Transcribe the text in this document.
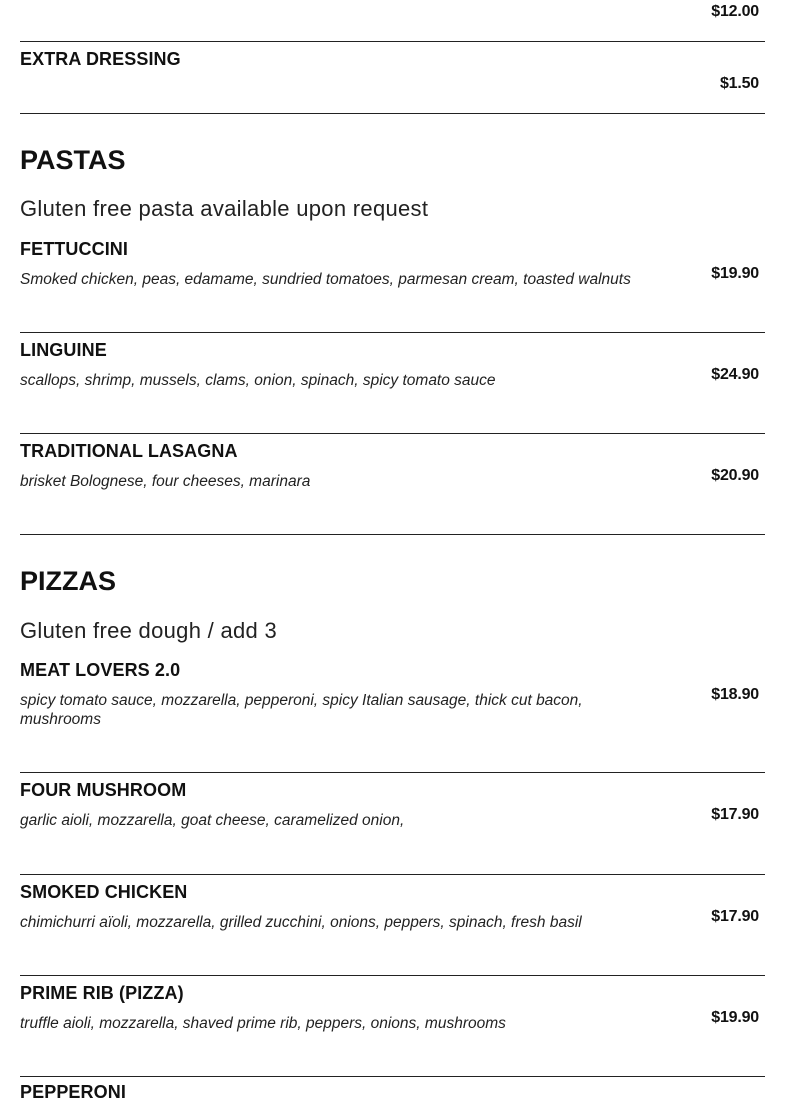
$12.00
EXTRA DRESSING
$1.50
PASTAS
Gluten free pasta available upon request
FETTUCCINI
Smoked chicken, peas, edamame, sundried tomatoes, parmesan cream, toasted walnuts	$19.90
LINGUINE
scallops, shrimp, mussels, clams, onion, spinach, spicy tomato sauce	$24.90
TRADITIONAL LASAGNA
brisket Bolognese, four cheeses, marinara	$20.90
PIZZAS
Gluten free dough / add 3
MEAT LOVERS 2.0
spicy tomato sauce, mozzarella, pepperoni, spicy Italian sausage, thick cut bacon, mushrooms
$18.90
FOUR MUSHROOM
garlic aioli, mozzarella, goat cheese, caramelized onion,	$17.90
SMOKED CHICKEN
chimichurri aïoli, mozzarella, grilled zucchini, onions, peppers, spinach, fresh basil	$17.90
PRIME RIB (PIZZA)
truffle aioli, mozzarella, shaved prime rib, peppers, onions, mushrooms	$19.90
PEPPERONI
